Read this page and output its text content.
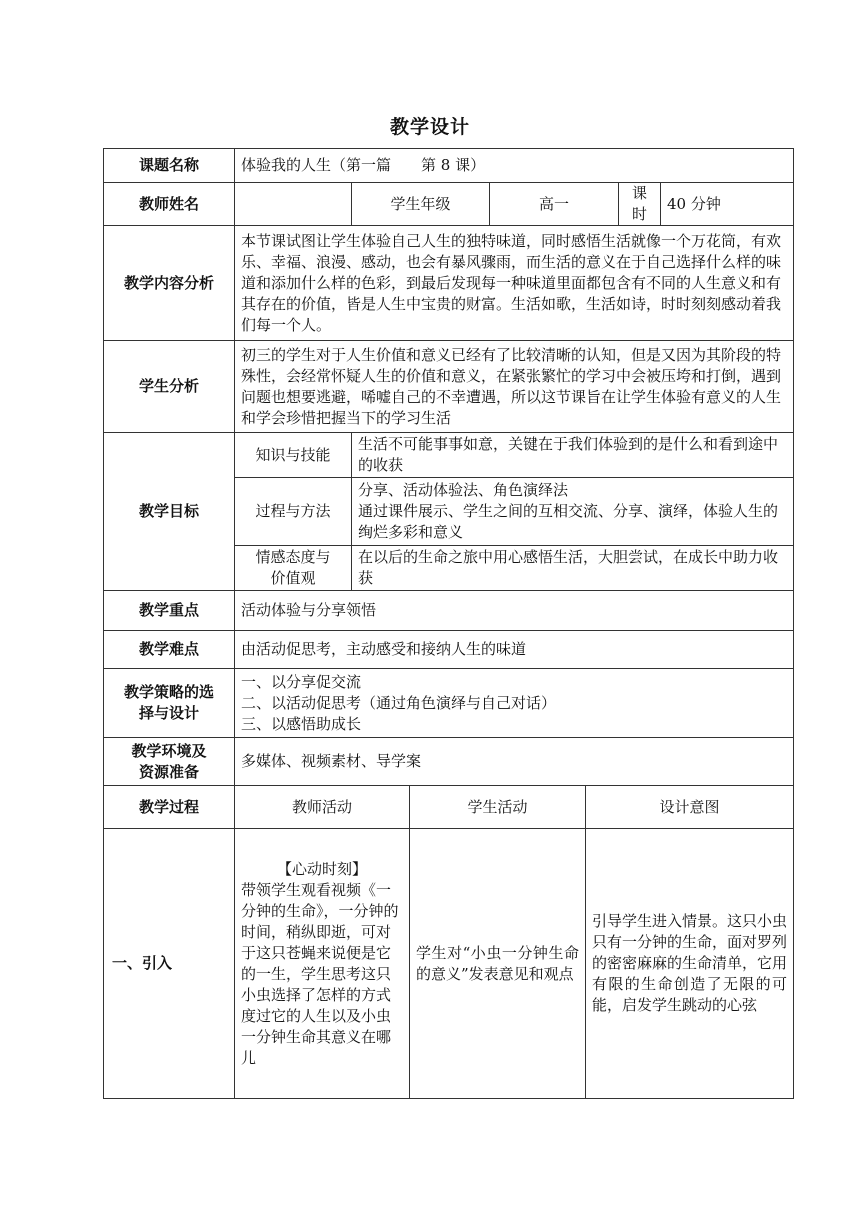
教学设计
课题名称	体验我的人生（第一篇　　第 8 课）						
教师姓名		学生年级		高一		课时	40 分钟
教学内容分析	本节课试图让学生体验自己人生的独特味道，同时感悟生活就像一个万花筒，有欢乐、幸福、浪漫、感动，也会有暴风骤雨，而生活的意义在于自己选择什么样的味道和添加什么样的色彩，到最后发现每一种味道里面都包含有不同的人生意义和有其存在的价值，皆是人生中宝贵的财富。生活如歌，生活如诗，时时刻刻感动着我们每一个人。						
学生分析	初三的学生对于人生价值和意义已经有了比较清晰的认知，但是又因为其阶段的特殊性，会经常怀疑人生的价值和意义，在紧张繁忙的学习中会被压垮和打倒，遇到问题也想要逃避，唏嘘自己的不幸遭遇，所以这节课旨在让学生体验有意义的人生和学会珍惜把握当下的学习生活						
教学目标	知识与技能	生活不可能事事如意，关键在于我们体验到的是什么和看到途中的收获					
	过程与方法	分享、活动体验法、角色演绎法
通过课件展示、学生之间的互相交流、分享、演绎，体验人生的绚烂多彩和意义					

	情感态度与
价值观	在以后的生命之旅中用心感悟生活，大胆尝试，在成长中助力收获					
教学重点	活动体验与分享领悟						
教学难点	由活动促思考，主动感受和接纳人生的味道						

教学策略的选
择与设计	一、以分享促交流
二、以活动促思考（通过角色演绎与自己对话）
三、以感悟助成长						

教学环境及
资源准备	多媒体、视频素材、导学案						
教学过程	教师活动		学生活动		设计意图		
一、引入	【心动时刻】
带领学生观看视频《一分钟的生命》，一分钟的时间，稍纵即逝，可对于这只苍蝇来说便是它的一生，学生思考这只小虫选择了怎样的方式度过它的人生以及小虫一分钟生命其意义在哪儿		学生对“小虫一分钟生命的意义”发表意见和观点		引导学生进入情景。这只小虫只有一分钟的生命，面对罗列的密密麻麻的生命清单，它用有限的生命创造了无限的可能，启发学生跳动的心弦		
